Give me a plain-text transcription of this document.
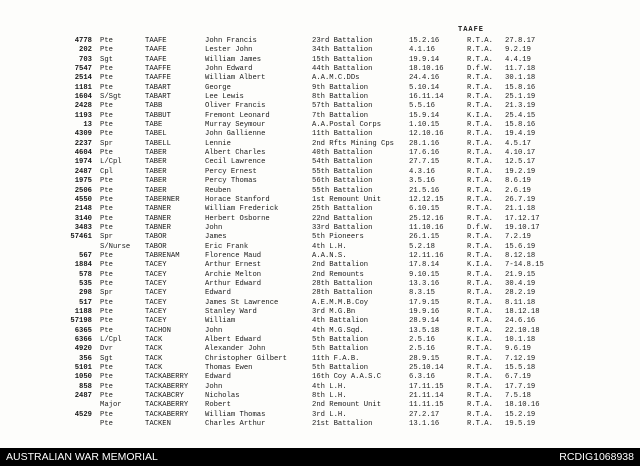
TAAFE
4778 Pte	TAAFE	John Francis	23rd Battalion	15.2.16	R.T.A. 27.8.17
202 Pte	TAAFE	Lester John	34th Battalion	4.1.16	R.T.A. 9.2.19
703 Sgt	TAAFE	William James	15th Battalion	19.9.14	R.T.A. 4.4.19
7547 Pte	TAAFFE	John Edward	44th Battalion	18.10.16	D.f.W. 11.7.18
2514 Pte	TAAFFE	William Albert	A.A.M.C.DDs	24.4.16	R.T.A. 30.1.18
1181 Pte	TABART	George	9th Battalion	5.10.14	R.T.A. 15.8.16
1604 S/Sgt	TABART	Lee Lewis	8th Battalion	16.11.14	R.T.A. 25.1.19
2428 Pte	TABB	Oliver Francis	57th Battalion	5.5.16	R.T.A. 21.3.19
1193 Pte	TABBUT	Fremont Leonard	7th Battalion	15.9.14	K.I.A. 25.4.15
13 Pte	TABE	Murray Seymour	A.A.Postal Corps	1.10.15	R.T.A. 15.8.16
4309 Pte	TABEL	John Gallienne	11th Battalion	12.10.16	R.T.A. 19.4.19
2237 Spr	TABELL	Lennie	2nd Rfts Mining Cps 28.1.16	R.T.A. 4.5.17
4604 Pte	TABER	Albert Charles	40th Battalion	17.6.16	R.T.A. 4.10.17
1974 L/Cpl	TABER	Cecil Lawrence	54th Battalion	27.7.15	R.T.A. 12.5.17
2487 Cpl	TABER	Percy Ernest	55th Battalion	4.3.16	R.T.A. 19.2.19
1975 Pte	TABER	Percy Thomas	56th Battalion	3.5.16	R.T.A. 8.6.19
2506 Pte	TABER	Reuben	55th Battalion	21.5.16	R.T.A. 2.6.19
4550 Pte	TABERNER	Horace Stanford	1st Remount Unit	12.12.15	R.T.A. 26.7.19
2148 Pte	TABNER	William Frederick	25th Battalion	6.10.15	R.T.A. 21.1.18
3140 Pte	TABNER	Herbert Osborne	22nd Battalion	25.12.16	R.T.A. 17.12.17
3483 Pte	TABNER	John	33rd Battalion	11.10.16	D.f.W. 19.10.17
57461 Spr	TABOR	James	5th Pioneers	26.1.15	R.T.A. 7.2.19
S/Nurse TABOR	Eric Frank	4th L.H.	5.2.18	R.T.A. 15.6.19
567 Pte	TABRENAM	Florence Maud	A.A.N.S.	12.11.16	R.T.A. 8.12.18
1884 Pte	TACEY	Arthur Ernest	2nd Battalion	17.8.14	K.I.A. 7-14.8.15
578 Pte	TACEY	Archie Melton	2nd Remounts	9.10.15	R.T.A. 21.9.15
535 Pte	TACEY	Arthur Edward	28th Battalion	13.3.16	R.T.A. 30.4.19
298 Spr	TACEY	Edward	28th Battalion	8.3.15	R.T.A. 28.2.19
517 Pte	TACEY	James St Lawrence	A.E.M.M.B.Coy	17.9.15	R.T.A. 8.11.18
1188 Pte	TACEY	Stanley Ward	3rd M.G.Bn	19.9.16	R.T.A. 18.12.18
57198 Pte	TACEY	William	4th Battalion	28.9.14	R.T.A. 24.6.16
6365 Pte	TACHON	John	4th M.G.Sqd.	13.5.18	R.T.A. 22.10.18
6366 L/Cpl	TACK	Albert Edward	5th Battalion	2.5.16	K.I.A. 10.1.18
4920 Dvr	TACK	Alexander John	5th Battalion	2.5.16	R.T.A. 9.6.19
356 Sgt	TACK	Christopher Gilbert	11th F.A.B.	28.9.15	R.T.A. 7.12.19
5101 Pte	TACK	Thomas Ewen	5th Battalion	25.10.14	R.T.A. 15.5.18
1050 Pte	TACKABERRY Edward	16th Coy A.A.S.C	6.3.16	R.T.A. 6.7.19
858 Pte	TACKABERRY John	4th L.H.	17.11.15	R.T.A. 17.7.19
2487 Pte	TACKABCRY	Nicholas	8th L.H.	21.11.14	R.T.A. 7.5.18
Major	TACKABERRY Robert	2nd Remount Unit	11.11.15	R.T.A. 18.10.16
4529 Pte	TACKABERRY William Thomas	3rd L.H.	27.2.17	R.T.A. 15.2.19
Pte	TACKEN	Charles Arthur	21st Battalion	13.1.16	R.T.A. 19.5.19
AUSTRALIAN WAR MEMORIAL	RCDIG1068938
